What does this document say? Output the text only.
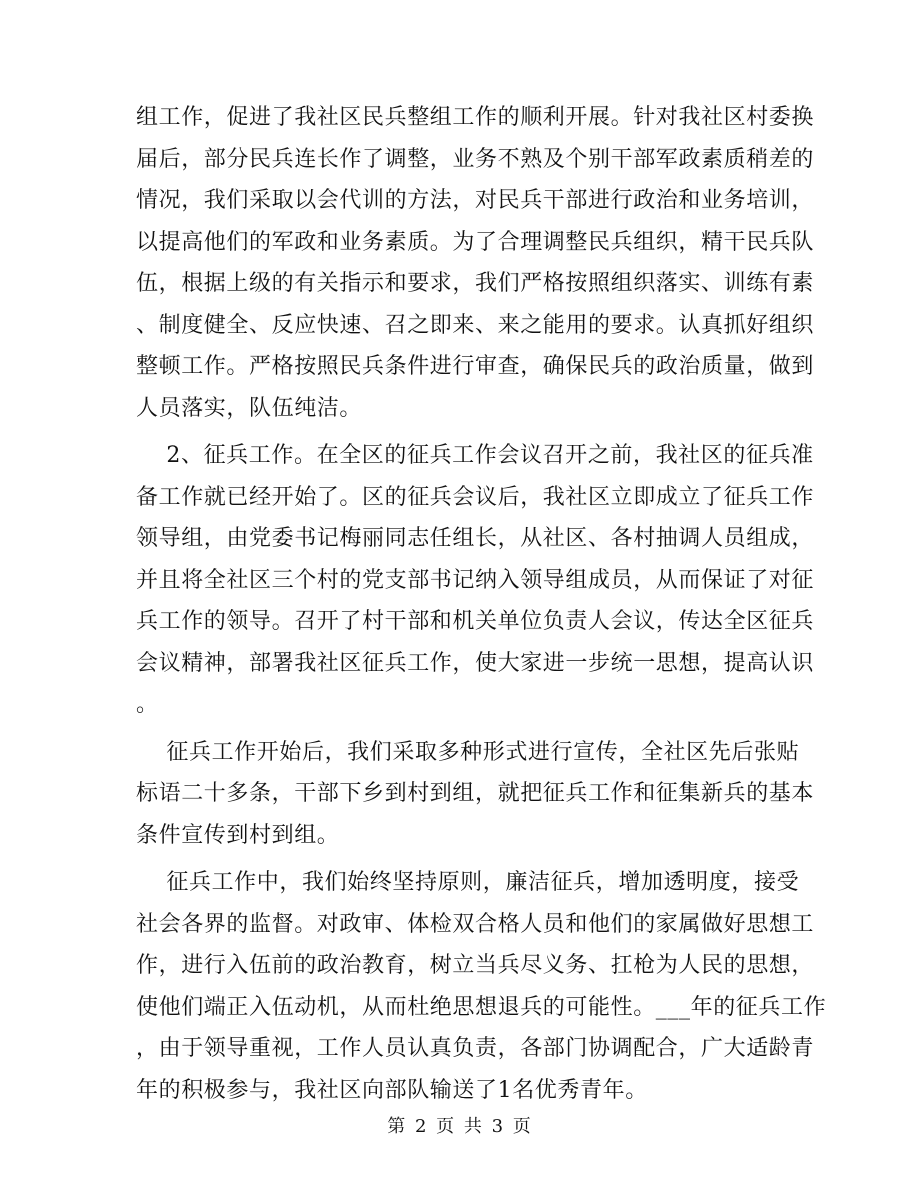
组工作，促进了我社区民兵整组工作的顺利开展。针对我社区村委换
届后，部分民兵连长作了调整，业务不熟及个别干部军政素质稍差的
情况，我们采取以会代训的方法，对民兵干部进行政治和业务培训，
以提高他们的军政和业务素质。为了合理调整民兵组织，精干民兵队
伍，根据上级的有关指示和要求，我们严格按照组织落实、训练有素
、制度健全、反应快速、召之即来、来之能用的要求。认真抓好组织
整顿工作。严格按照民兵条件进行审查，确保民兵的政治质量，做到
人员落实，队伍纯洁。
2、征兵工作。在全区的征兵工作会议召开之前，我社区的征兵准
备工作就已经开始了。区的征兵会议后，我社区立即成立了征兵工作
领导组，由党委书记梅丽同志任组长，从社区、各村抽调人员组成，
并且将全社区三个村的党支部书记纳入领导组成员，从而保证了对征
兵工作的领导。召开了村干部和机关单位负责人会议，传达全区征兵
会议精神，部署我社区征兵工作，使大家进一步统一思想，提高认识
。
征兵工作开始后，我们采取多种形式进行宣传，全社区先后张贴
标语二十多条，干部下乡到村到组，就把征兵工作和征集新兵的基本
条件宣传到村到组。
征兵工作中，我们始终坚持原则，廉洁征兵，增加透明度，接受
社会各界的监督。对政审、体检双合格人员和他们的家属做好思想工
作，进行入伍前的政治教育，树立当兵尽义务、扛枪为人民的思想，
使他们端正入伍动机，从而杜绝思想退兵的可能性。___年的征兵工作
，由于领导重视，工作人员认真负责，各部门协调配合，广大适龄青
年的积极参与，我社区向部队输送了1名优秀青年。
第 2 页 共 3 页
